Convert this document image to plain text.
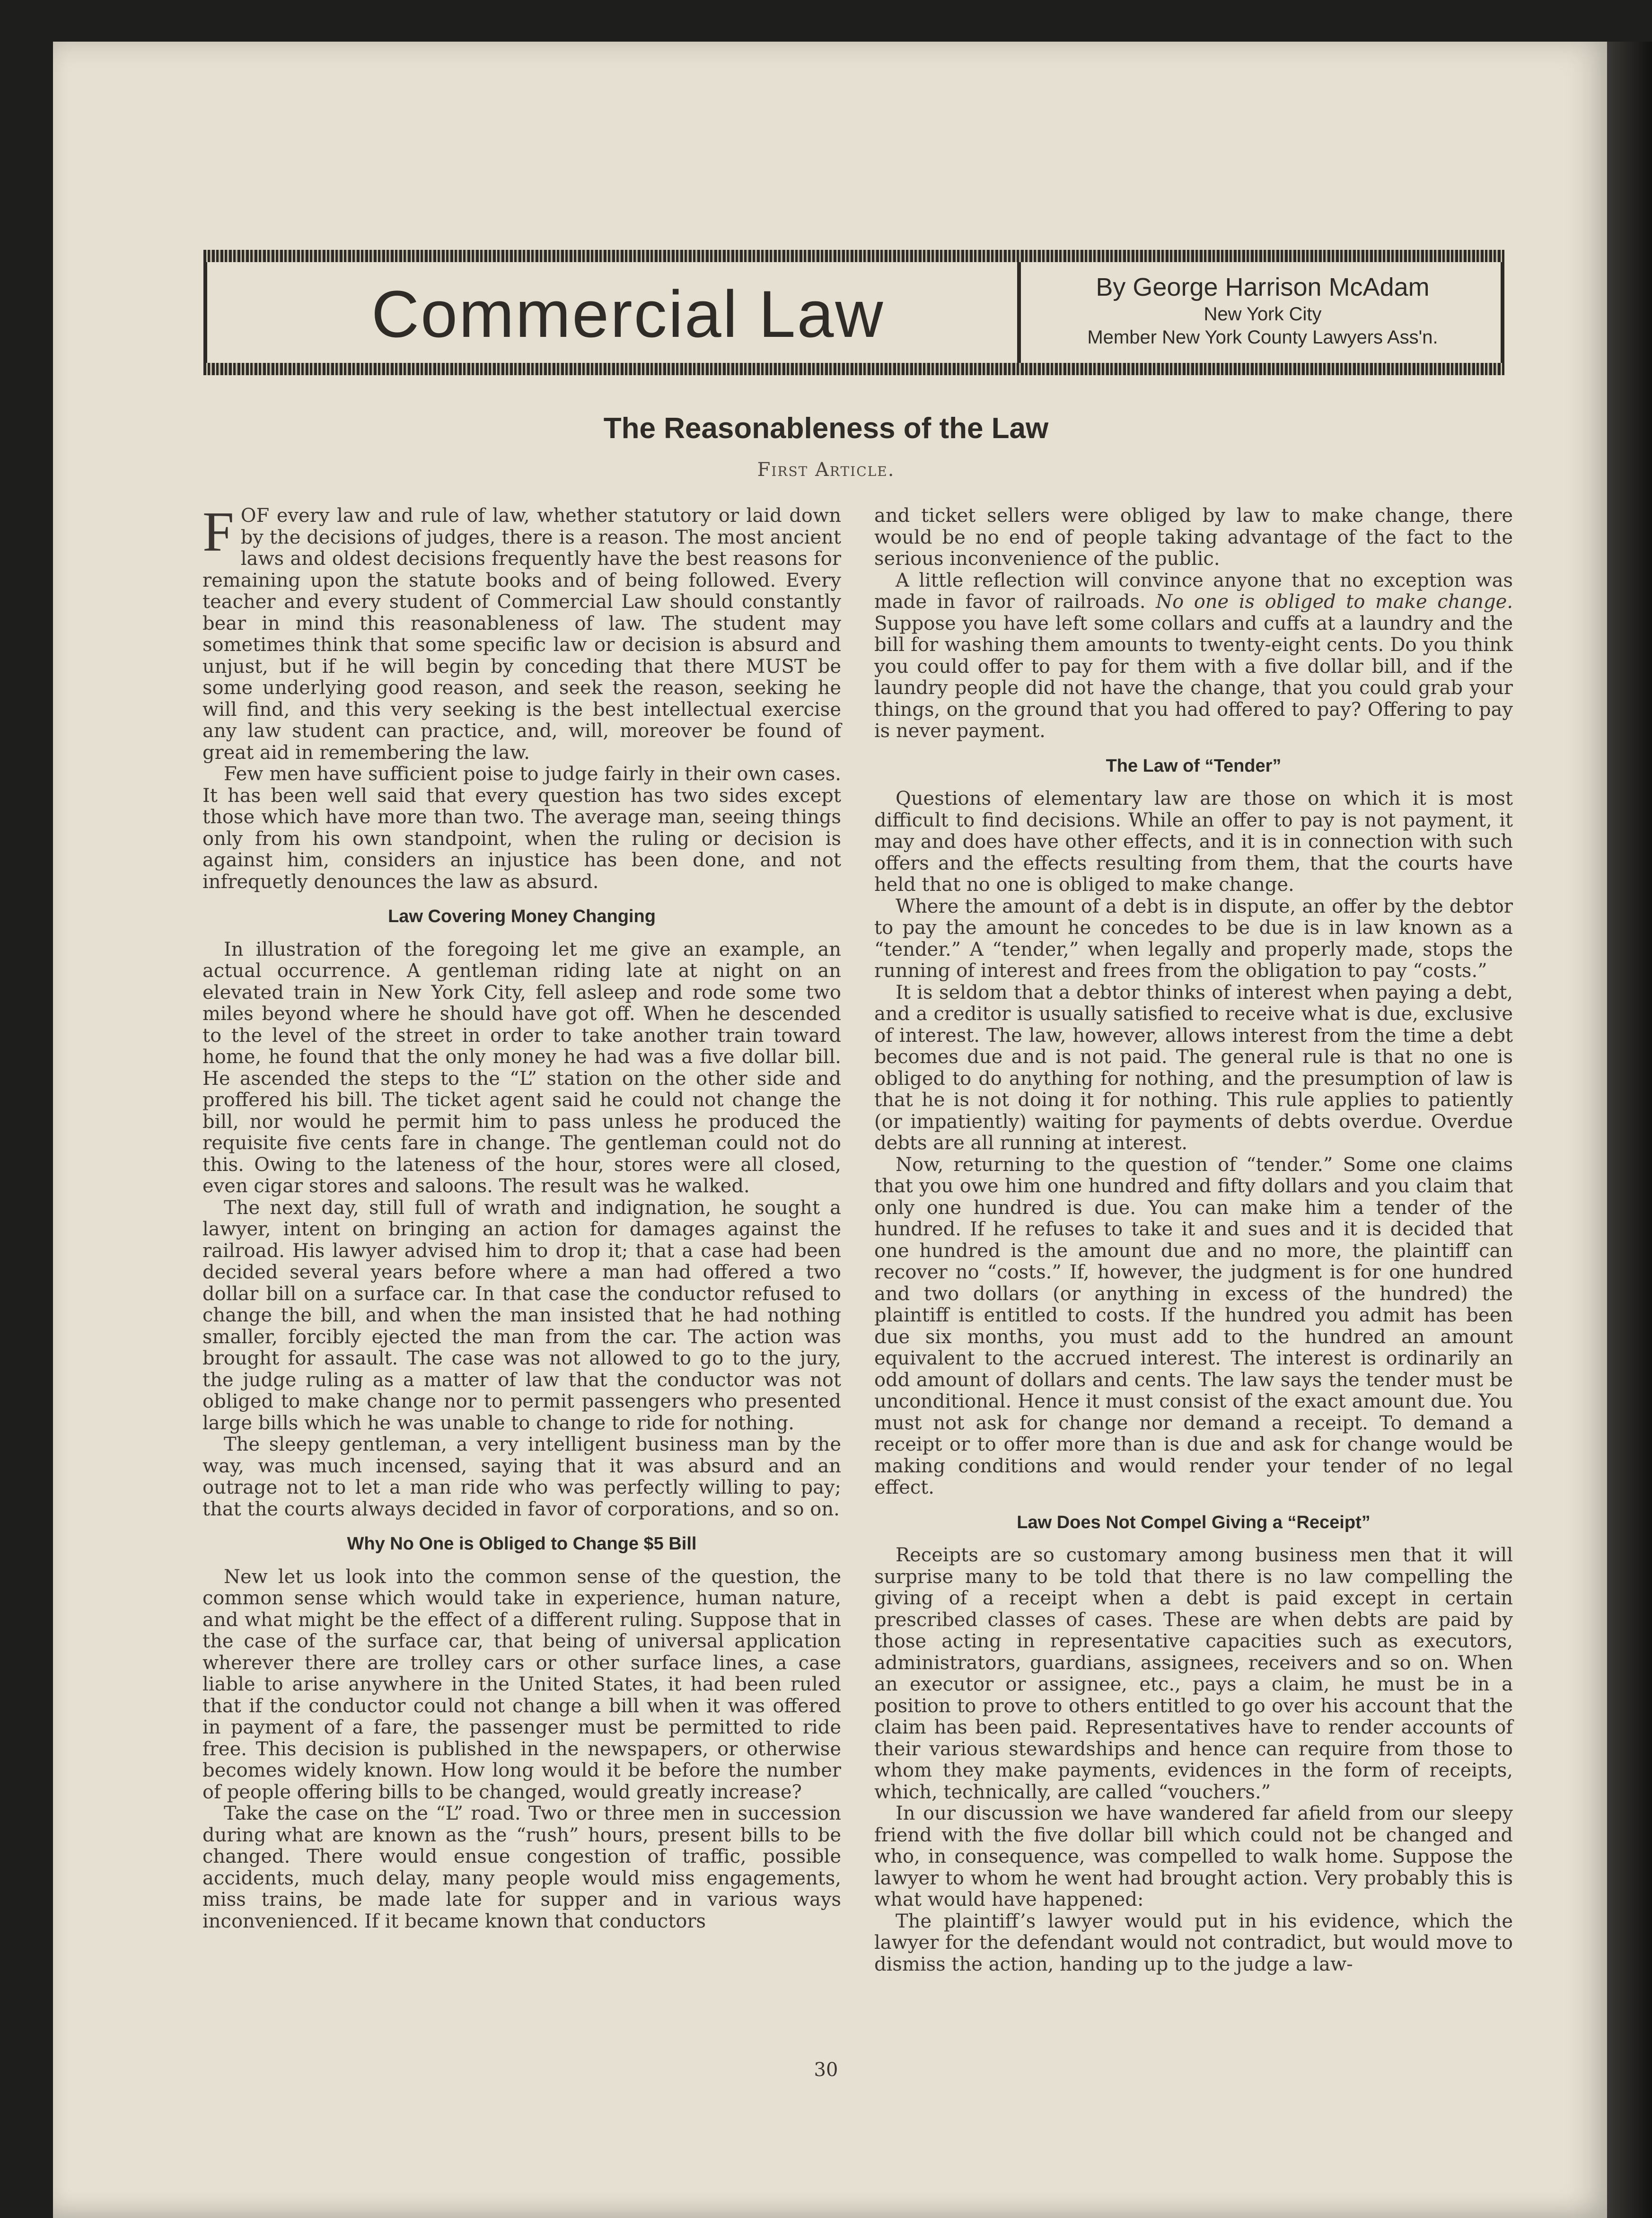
Commercial Law	By George Harrison McAdam
New York City
Member New York County Lawyers Ass'n.
The Reasonableness of the Law
First Article.

FOF every law and rule of law, whether statutory or laid down by the decisions of judges, there is a reason. The most ancient laws and oldest decisions frequently have the best reasons for remaining upon the statute books and of being followed. Every teacher and every student of Commercial Law should constantly bear in mind this reasonableness of law. The student may sometimes think that some specific law or decision is absurd and unjust, but if he will begin by conceding that there MUST be some underlying good reason, and seek the reason, seeking he will find, and this very seeking is the best intellectual exercise any law student can practice, and, will, moreover be found of great aid in remembering the law.

Few men have sufficient poise to judge fairly in their own cases. It has been well said that every question has two sides except those which have more than two. The average man, seeing things only from his own standpoint, when the ruling or decision is against him, considers an injustice has been done, and not infrequetly denounces the law as absurd.

Law Covering Money Changing

In illustration of the foregoing let me give an example, an actual occurrence. A gentleman riding late at night on an elevated train in New York City, fell asleep and rode some two miles beyond where he should have got off. When he descended to the level of the street in order to take another train toward home, he found that the only money he had was a five dollar bill. He ascended the steps to the “L” station on the other side and proffered his bill. The ticket agent said he could not change the bill, nor would he permit him to pass unless he produced the requisite five cents fare in change. The gentleman could not do this. Owing to the lateness of the hour, stores were all closed, even cigar stores and saloons. The result was he walked.

The next day, still full of wrath and indignation, he sought a lawyer, intent on bringing an action for damages against the railroad. His lawyer advised him to drop it; that a case had been decided several years before where a man had offered a two dollar bill on a surface car. In that case the conductor refused to change the bill, and when the man insisted that he had nothing smaller, forcibly ejected the man from the car. The action was brought for assault. The case was not allowed to go to the jury, the judge ruling as a matter of law that the conductor was not obliged to make change nor to permit passengers who presented large bills which he was unable to change to ride for nothing.

The sleepy gentleman, a very intelligent business man by the way, was much incensed, saying that it was absurd and an outrage not to let a man ride who was perfectly willing to pay; that the courts always decided in favor of corporations, and so on.

Why No One is Obliged to Change $5 Bill

New let us look into the common sense of the question, the common sense which would take in experience, human nature, and what might be the effect of a different ruling. Suppose that in the case of the surface car, that being of universal application wherever there are trolley cars or other surface lines, a case liable to arise anywhere in the United States, it had been ruled that if the conductor could not change a bill when it was offered in payment of a fare, the passenger must be permitted to ride free. This decision is published in the newspapers, or otherwise becomes widely known. How long would it be before the number of people offering bills to be changed, would greatly increase?

Take the case on the “L” road. Two or three men in succession during what are known as the “rush” hours, present bills to be changed. There would ensue congestion of traffic, possible accidents, much delay, many people would miss engagements, miss trains, be made late for supper and in various ways inconvenienced. If it became known that conductors

and ticket sellers were obliged by law to make change, there would be no end of people taking advantage of the fact to the serious inconvenience of the public.

A little reflection will convince anyone that no exception was made in favor of railroads. No one is obliged to make change. Suppose you have left some collars and cuffs at a laundry and the bill for washing them amounts to twenty-eight cents. Do you think you could offer to pay for them with a five dollar bill, and if the laundry people did not have the change, that you could grab your things, on the ground that you had offered to pay? Offering to pay is never payment.

The Law of “Tender”

Questions of elementary law are those on which it is most difficult to find decisions. While an offer to pay is not payment, it may and does have other effects, and it is in connection with such offers and the effects resulting from them, that the courts have held that no one is obliged to make change.

Where the amount of a debt is in dispute, an offer by the debtor to pay the amount he concedes to be due is in law known as a “tender.” A “tender,” when legally and properly made, stops the running of interest and frees from the obligation to pay “costs.”

It is seldom that a debtor thinks of interest when paying a debt, and a creditor is usually satisfied to receive what is due, exclusive of interest. The law, however, allows interest from the time a debt becomes due and is not paid. The general rule is that no one is obliged to do anything for nothing, and the presumption of law is that he is not doing it for nothing. This rule applies to patiently (or impatiently) waiting for payments of debts overdue. Overdue debts are all running at interest.

Now, returning to the question of “tender.” Some one claims that you owe him one hundred and fifty dollars and you claim that only one hundred is due. You can make him a tender of the hundred. If he refuses to take it and sues and it is decided that one hundred is the amount due and no more, the plaintiff can recover no “costs.” If, however, the judgment is for one hundred and two dollars (or anything in excess of the hundred) the plaintiff is entitled to costs. If the hundred you admit has been due six months, you must add to the hundred an amount equivalent to the accrued interest. The interest is ordinarily an odd amount of dollars and cents. The law says the tender must be unconditional. Hence it must consist of the exact amount due. You must not ask for change nor demand a receipt. To demand a receipt or to offer more than is due and ask for change would be making conditions and would render your tender of no legal effect.

Law Does Not Compel Giving a “Receipt”

Receipts are so customary among business men that it will surprise many to be told that there is no law compelling the giving of a receipt when a debt is paid except in certain prescribed classes of cases. These are when debts are paid by those acting in representative capacities such as executors, administrators, guardians, assignees, receivers and so on. When an executor or assignee, etc., pays a claim, he must be in a position to prove to others entitled to go over his account that the claim has been paid. Representatives have to render accounts of their various stewardships and hence can require from those to whom they make payments, evidences in the form of receipts, which, technically, are called “vouchers.”

In our discussion we have wandered far afield from our sleepy friend with the five dollar bill which could not be changed and who, in consequence, was compelled to walk home. Suppose the lawyer to whom he went had brought action. Very probably this is what would have happened:

The plaintiff’s lawyer would put in his evidence, which the lawyer for the defendant would not contradict, but would move to dismiss the action, handing up to the judge a law-

30
